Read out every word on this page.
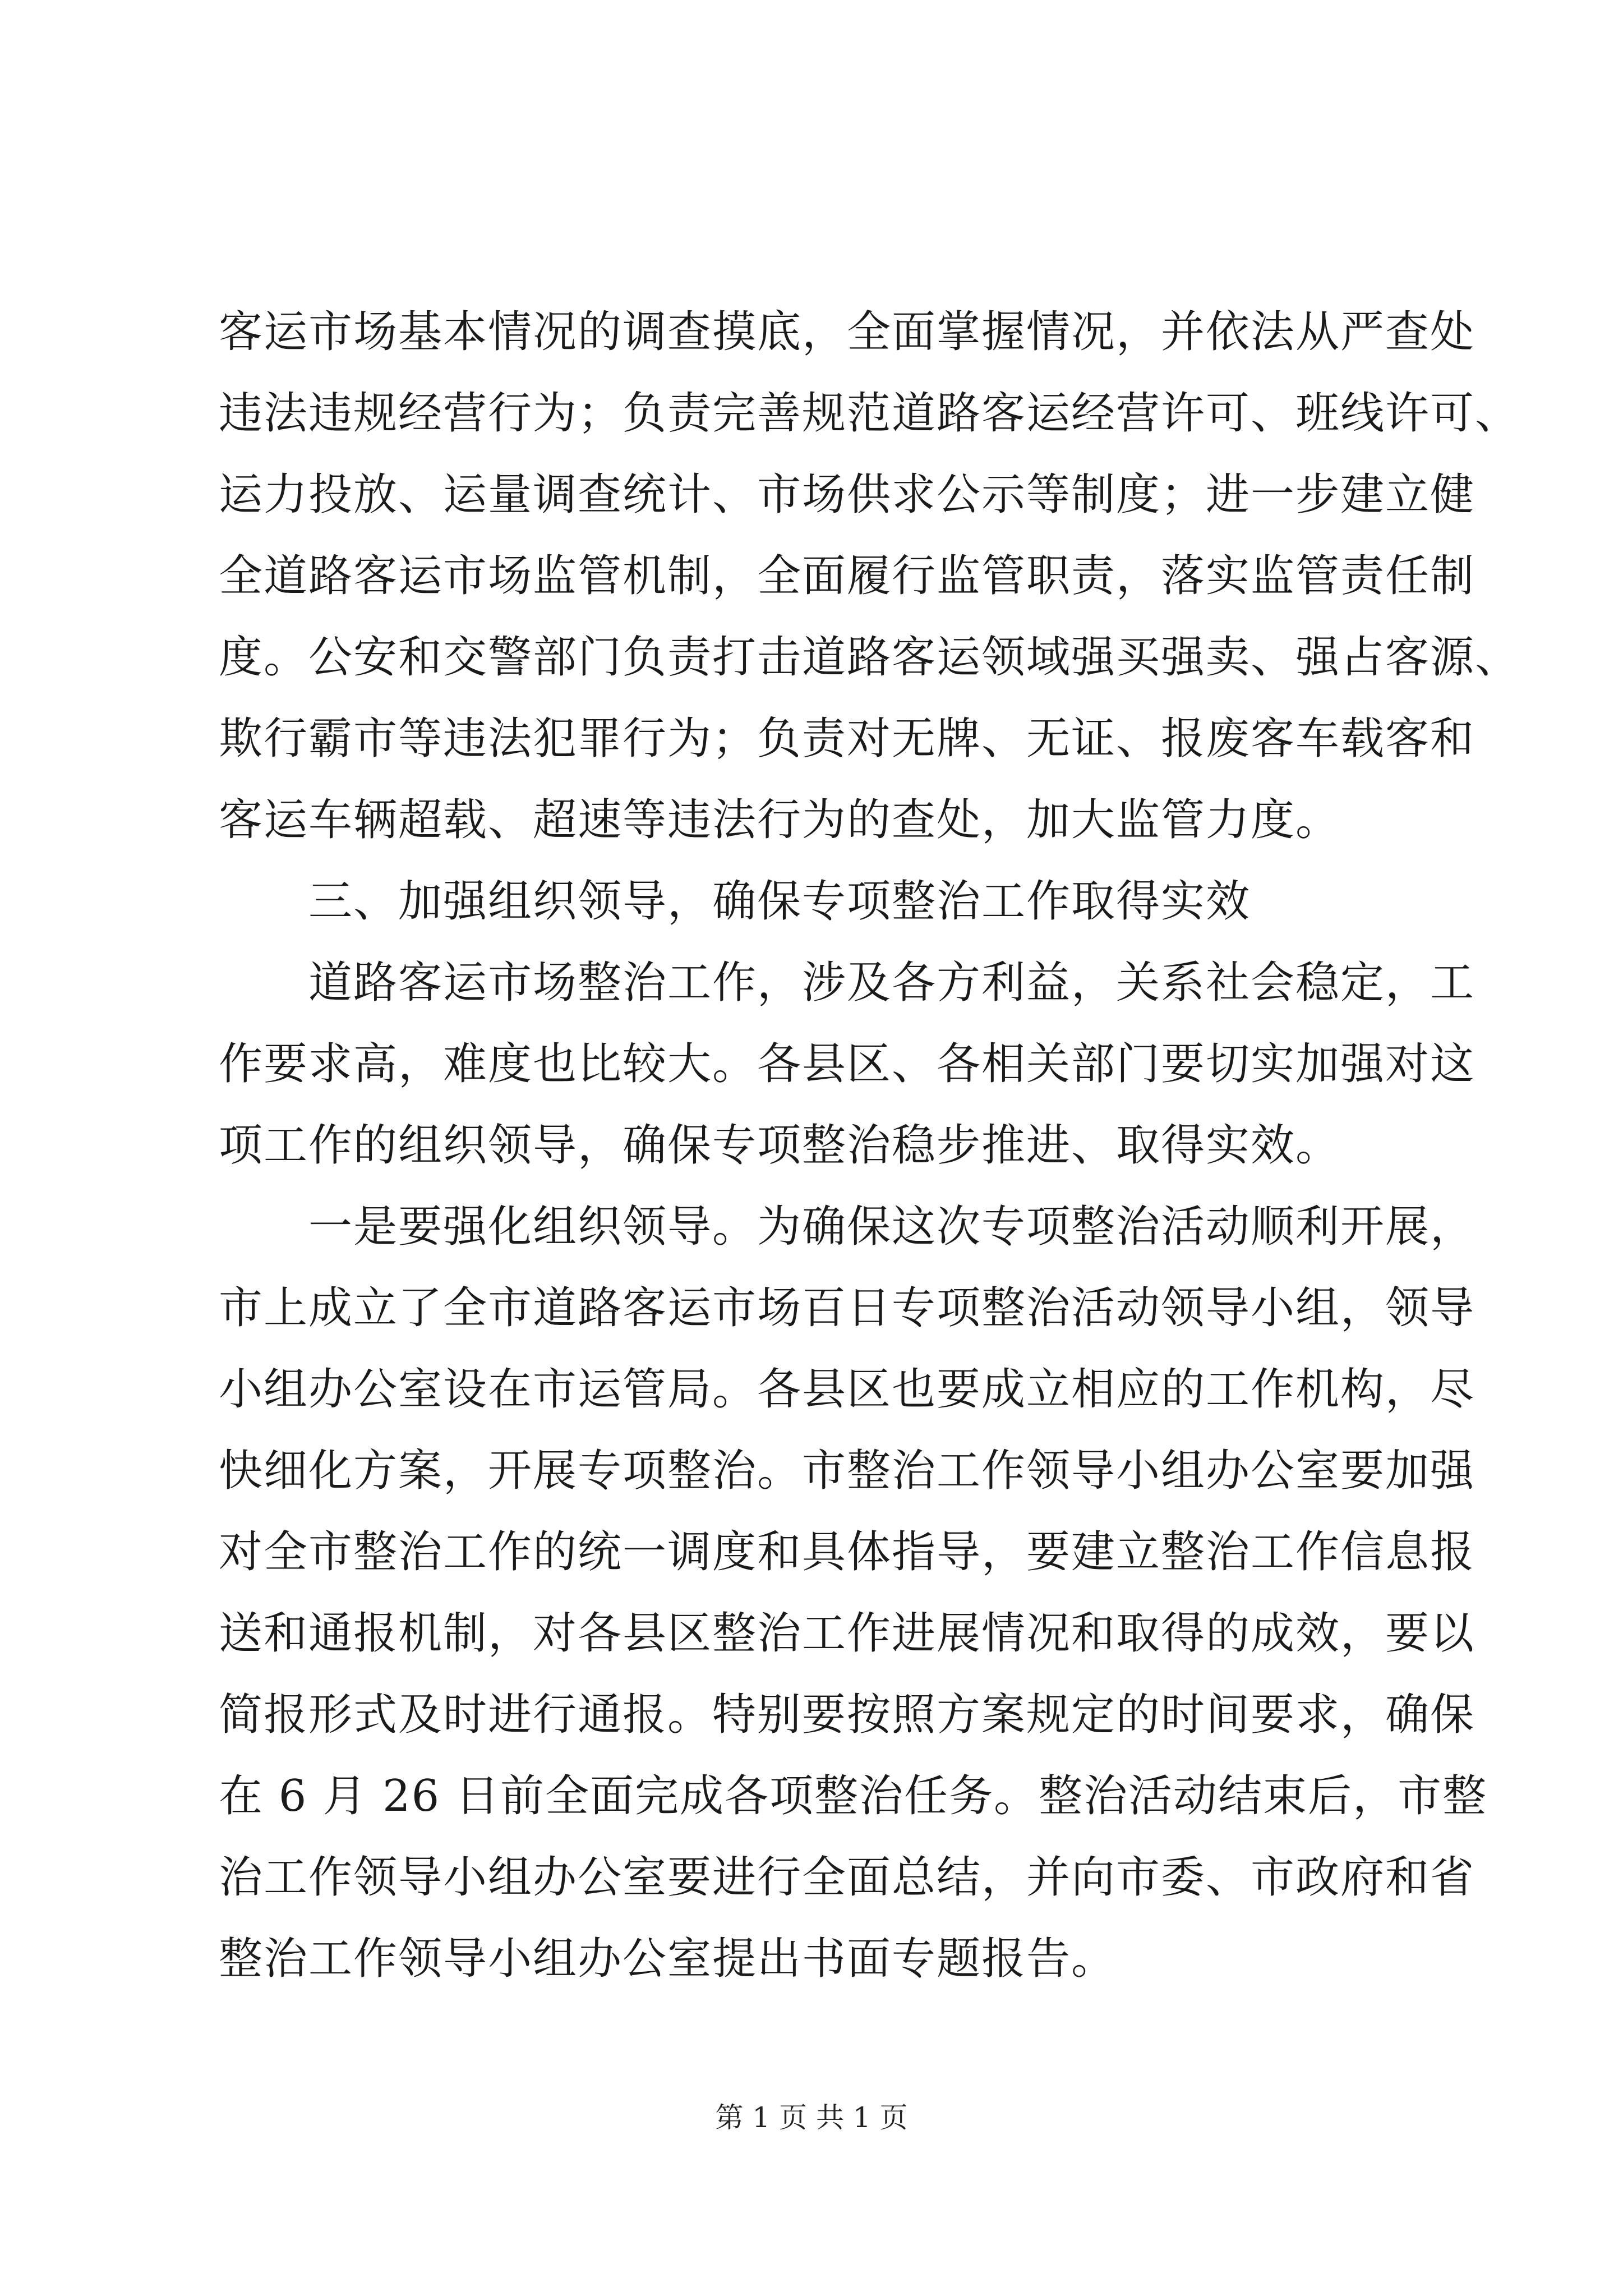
客运市场基本情况的调查摸底，全面掌握情况，并依法从严查处
违法违规经营行为；负责完善规范道路客运经营许可、班线许可、
运力投放、运量调查统计、市场供求公示等制度；进一步建立健
全道路客运市场监管机制，全面履行监管职责，落实监管责任制
度。公安和交警部门负责打击道路客运领域强买强卖、强占客源、
欺行霸市等违法犯罪行为；负责对无牌、无证、报废客车载客和
客运车辆超载、超速等违法行为的查处，加大监管力度。
三、加强组织领导，确保专项整治工作取得实效
道路客运市场整治工作，涉及各方利益，关系社会稳定，工
作要求高，难度也比较大。各县区、各相关部门要切实加强对这
项工作的组织领导，确保专项整治稳步推进、取得实效。
一是要强化组织领导。为确保这次专项整治活动顺利开展，
市上成立了全市道路客运市场百日专项整治活动领导小组，领导
小组办公室设在市运管局。各县区也要成立相应的工作机构，尽
快细化方案，开展专项整治。市整治工作领导小组办公室要加强
对全市整治工作的统一调度和具体指导，要建立整治工作信息报
送和通报机制，对各县区整治工作进展情况和取得的成效，要以
简报形式及时进行通报。特别要按照方案规定的时间要求，确保
在 6 月 26 日前全面完成各项整治任务。整治活动结束后，市整
治工作领导小组办公室要进行全面总结，并向市委、市政府和省
整治工作领导小组办公室提出书面专题报告。
第 1 页 共 1 页
